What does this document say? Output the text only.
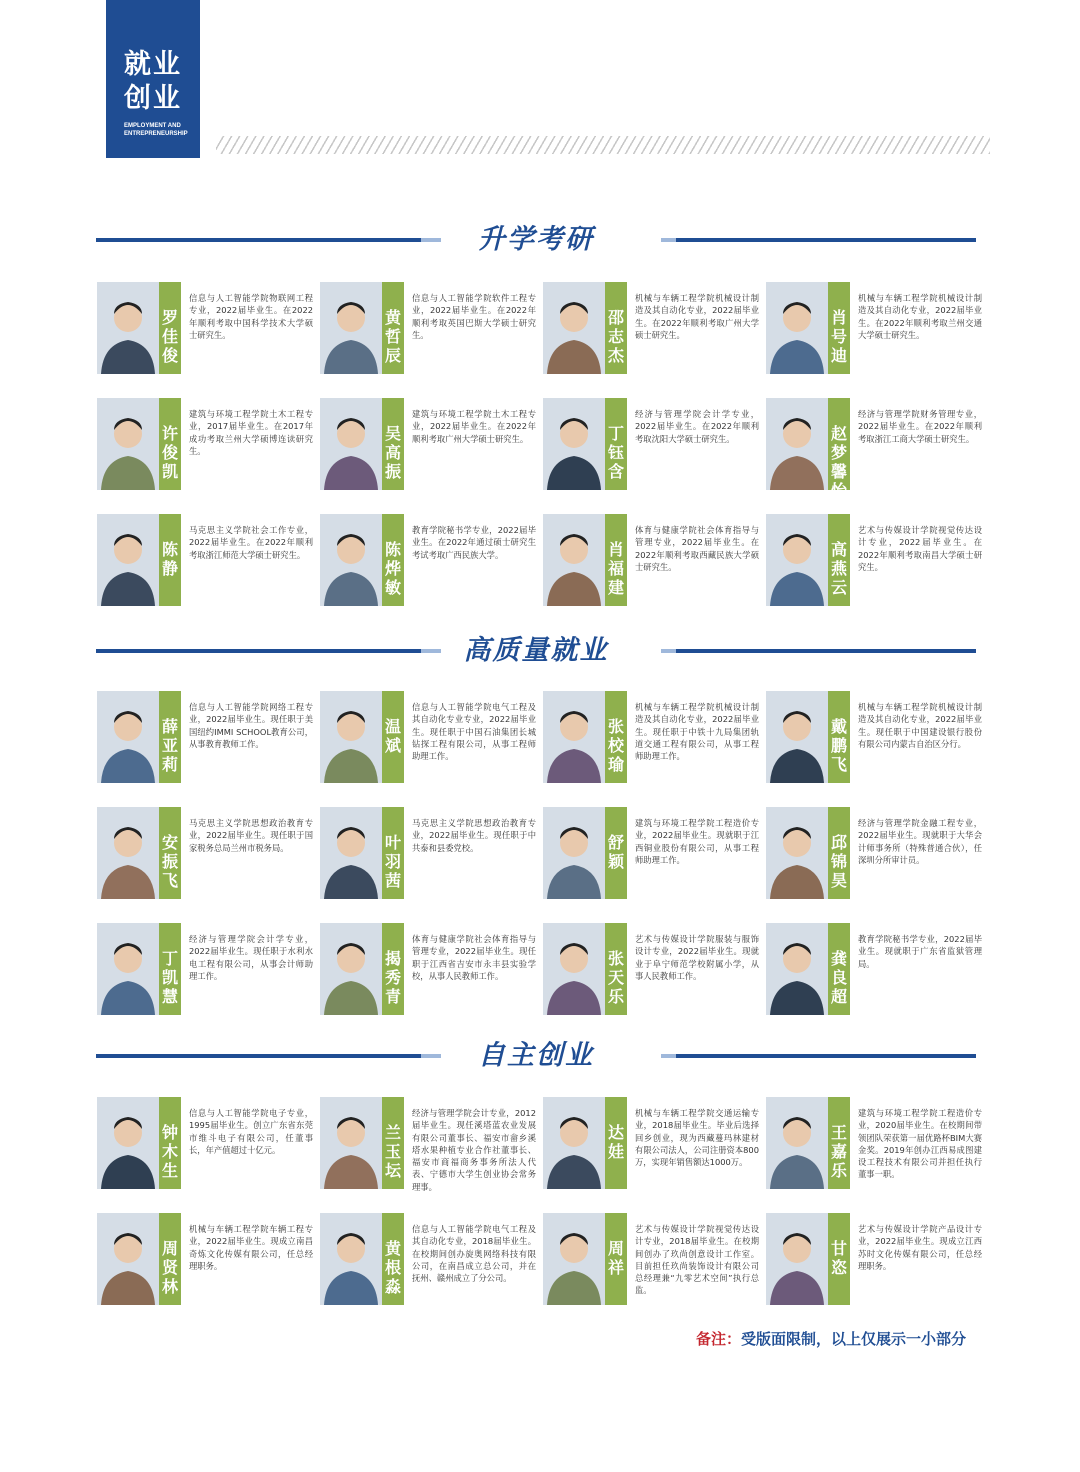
就业
创业
EMPLOYMENT AND ENTREPRENEURSHIP
升学考研
罗佳俊
信息与人工智能学院物联网工程专业，2022届毕业生。在2022年顺利考取中国科学技术大学硕士研究生。
黄哲辰
信息与人工智能学院软件工程专业，2022届毕业生。在2022年顺利考取英国巴斯大学硕士研究生。
邵志杰
机械与车辆工程学院机械设计制造及其自动化专业，2022届毕业生。在2022年顺利考取广州大学硕士研究生。
肖号迪
机械与车辆工程学院机械设计制造及其自动化专业，2022届毕业生。在2022年顺利考取兰州交通大学硕士研究生。
许俊凯
建筑与环境工程学院土木工程专业，2017届毕业生。在2017年成功考取兰州大学硕博连读研究生。
吴高振
建筑与环境工程学院土木工程专业，2022届毕业生。在2022年顺利考取广州大学硕士研究生。	丁钰含
经济与管理学院会计学专业，2022届毕业生。在2022年顺利考取沈阳大学硕士研究生。	赵梦馨怡
经济与管理学院财务管理专业，2022届毕业生。在2022年顺利考取浙江工商大学硕士研究生。
陈静
马克思主义学院社会工作专业，2022届毕业生。在2022年顺利考取浙江师范大学硕士研究生。	陈烨敏
教育学院秘书学专业，2022届毕业生。在2022年通过硕士研究生考试考取广西民族大学。	肖福建
体育与健康学院社会体育指导与管理专业，2022届毕业生。在2022年顺利考取西藏民族大学硕士研究生。
高燕云
艺术与传媒设计学院视觉传达设计专业，2022届毕业生。在2022年顺利考取南昌大学硕士研究生。
高质量就业
薛亚莉
信息与人工智能学院网络工程专业，2022届毕业生。现任职于美国纽约IMMI SCHOOL教育公司，从事教育教师工作。
温斌
信息与人工智能学院电气工程及其自动化专业专业，2022届毕业生。现任职于中国石油集团长城钻探工程有限公司，从事工程师助理工作。
张校瑜
机械与车辆工程学院机械设计制造及其自动化专业，2022届毕业生。现任职于中铁十九局集团轨道交通工程有限公司，从事工程师助理工作。
戴鹏飞
机械与车辆工程学院机械设计制造及其自动化专业，2022届毕业生。现任职于中国建设银行股份有限公司内蒙古自治区分行。
安振飞
马克思主义学院思想政治教育专业，2022届毕业生。现任职于国家税务总局兰州市税务局。	叶羽茜
马克思主义学院思想政治教育专业，2022届毕业生。现任职于中共泰和县委党校。	舒颖
建筑与环境工程学院工程造价专业，2022届毕业生。现就职于江西铜业股份有限公司，从事工程师助理工作。
邱锦昊
经济与管理学院金融工程专业，2022届毕业生。现就职于大华会计师事务所（特殊普通合伙），任深圳分所审计员。
丁凯慧
经济与管理学院会计学专业，2022届毕业生。现任职于水利水电工程有限公司，从事会计师助理工作。
揭秀青
体育与健康学院社会体育指导与管理专业，2022届毕业生。现任职于江西省吉安市永丰县实验学校，从事人民教师工作。
张天乐
艺术与传媒设计学院服装与服饰设计专业，2022届毕业生。现就业于阜宁师范学校附属小学，从事人民教师工作。
龚良超
教育学院秘书学专业，2022届毕业生。现就职于广东省监狱管理局。
自主创业
钟木生
信息与人工智能学院电子专业，1995届毕业生。创立广东省东莞市维斗电子有限公司，任董事长，年产值超过十亿元。
兰玉坛
经济与管理学院会计专业，2012届毕业生。现任溪塔蓝农业发展有限公司董事长、福安市畲乡溪塔水果种植专业合作社董事长、福安市商福商务事务所法人代表、宁德市大学生创业协会常务理事。
达娃
机械与车辆工程学院交通运输专业，2018届毕业生。毕业后选择回乡创业，现为西藏蔓玛林建材有限公司法人，公司注册资本800万，实现年销售额达1000万。
王嘉乐
建筑与环境工程学院工程造价专业，2020届毕业生。在校期间带领团队荣获第一届优路杯BIM大赛金奖。2019年创办江西易成图建设工程技术有限公司并担任执行董事一职。
周贤林
机械与车辆工程学院车辆工程专业，2022届毕业生。现成立南昌奇炼文化传媒有限公司，任总经理职务。
黄根淼
信息与人工智能学院电气工程及其自动化专业，2018届毕业生。在校期间创办旋奥网络科技有限公司，在南昌成立总公司，并在抚州、赣州成立了分公司。
周祥
艺术与传媒设计学院视觉传达设计专业，2018届毕业生。在校期间创办了玖尚创意设计工作室。目前担任玖尚装饰设计有限公司总经理兼“九零艺术空间”执行总监。
甘恣
艺术与传媒设计学院产品设计专业，2022届毕业生。现成立江西苏时文化传媒有限公司，任总经理职务。
备注：受版面限制，以上仅展示一小部分
